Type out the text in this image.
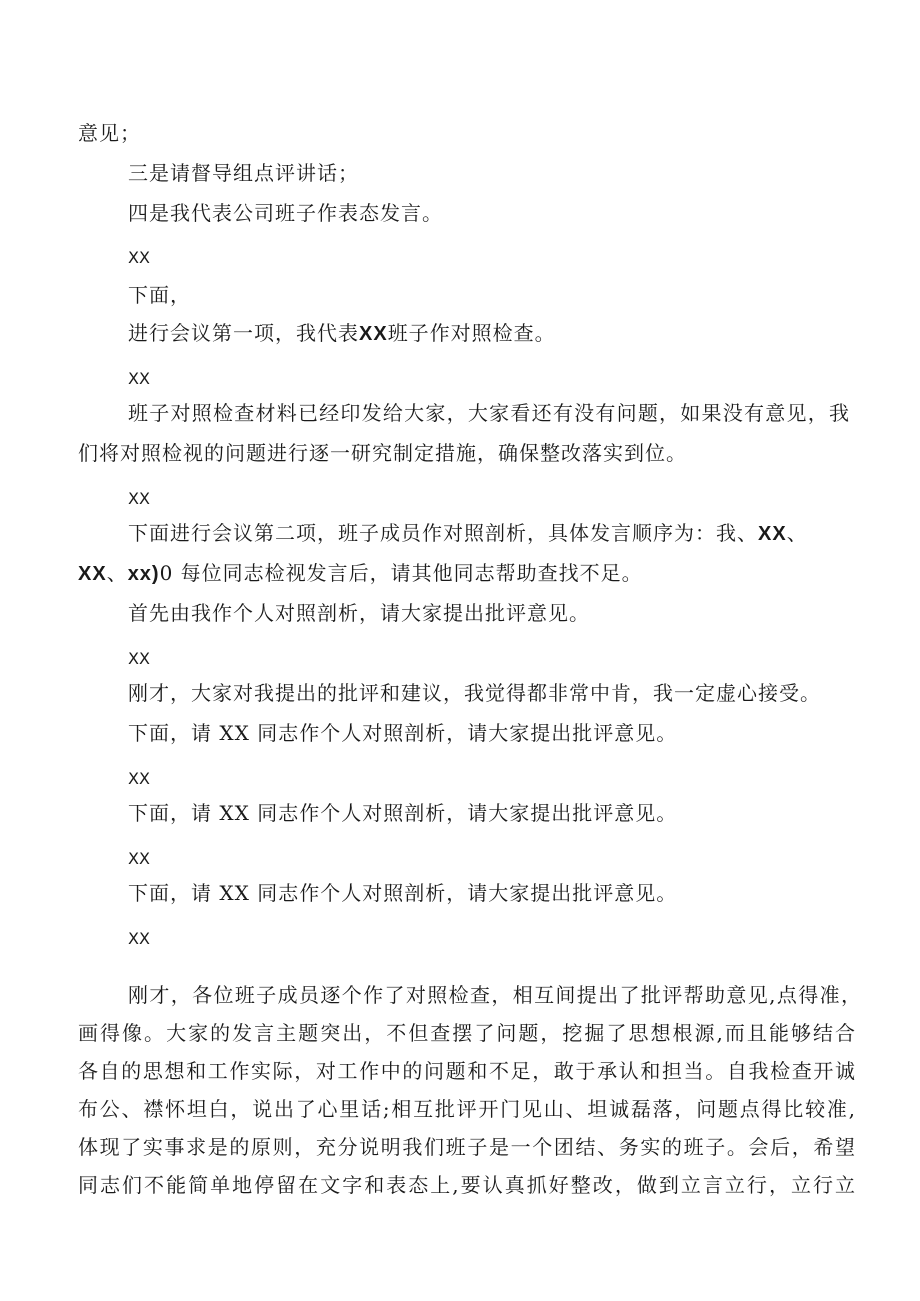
意见；
三是请督导组点评讲话；
四是我代表公司班子作表态发言。
XX
下面，
进行会议第一项，我代表XX班子作对照检查。
XX
班子对照检查材料已经印发给大家，大家看还有没有问题，如果没有意见，我
们将对照检视的问题进行逐一研究制定措施，确保整改落实到位。
XX
下面进行会议第二项，班子成员作对照剖析，具体发言顺序为：我、XX、
XX、xx)0 每位同志检视发言后，请其他同志帮助查找不足。
首先由我作个人对照剖析，请大家提出批评意见。
XX
刚才，大家对我提出的批评和建议，我觉得都非常中肯，我一定虚心接受。
下面，请 XX 同志作个人对照剖析，请大家提出批评意见。
XX
下面，请 XX 同志作个人对照剖析，请大家提出批评意见。
XX
下面，请 XX 同志作个人对照剖析，请大家提出批评意见。
XX
刚才，各位班子成员逐个作了对照检查，相互间提出了批评帮助意见,点得准，
画得像。大家的发言主题突出，不但查摆了问题，挖掘了思想根源,而且能够结合
各自的思想和工作实际，对工作中的问题和不足，敢于承认和担当。自我检查开诚
布公、襟怀坦白，说出了心里话;相互批评开门见山、坦诚磊落，问题点得比较准,
体现了实事求是的原则，充分说明我们班子是一个团结、务实的班子。会后，希望
同志们不能简单地停留在文字和表态上,要认真抓好整改，做到立言立行，立行立
